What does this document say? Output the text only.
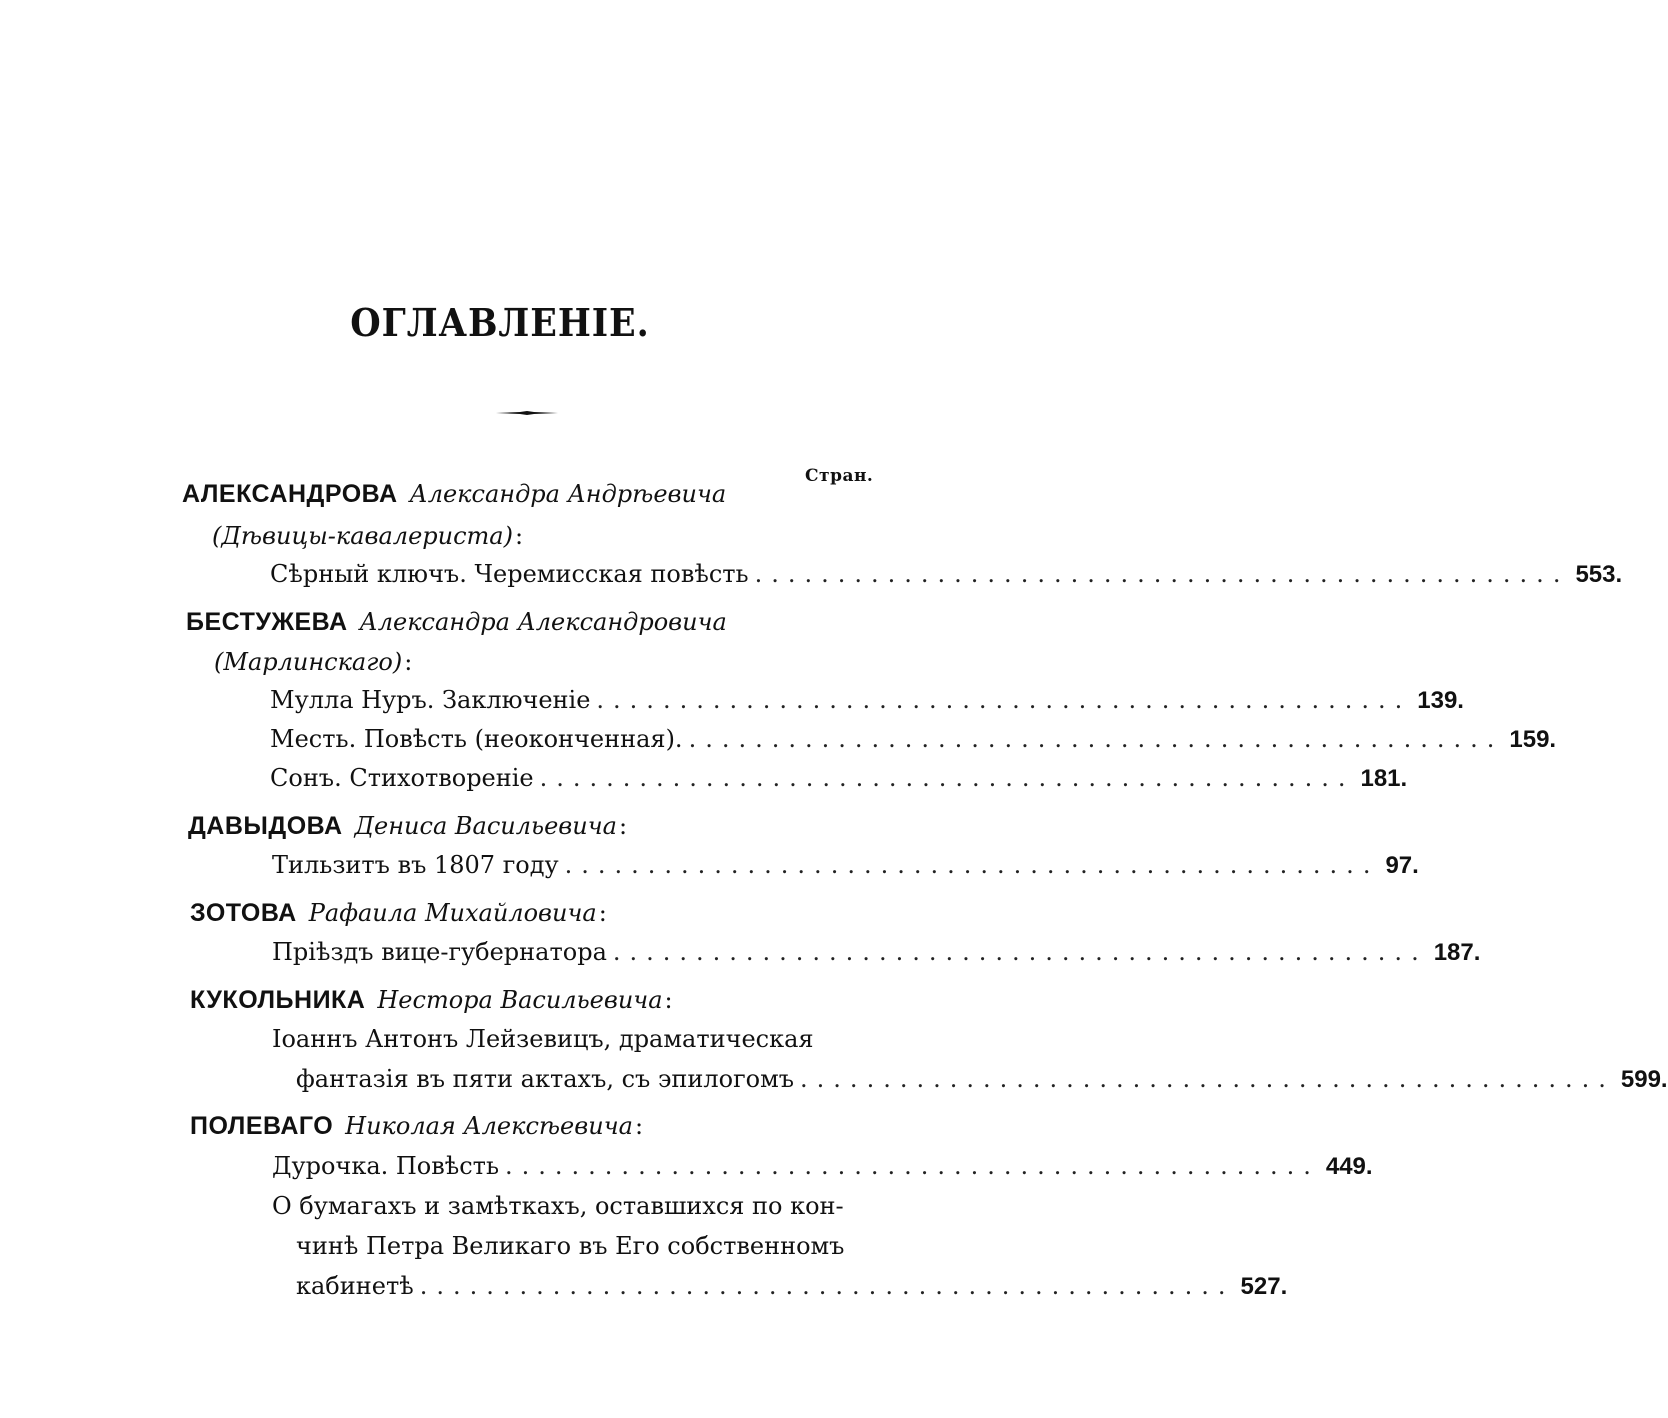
ОГЛАВЛЕНІЕ.
Стран.
АЛЕКСАНДРОВА Александра Андрѣевича
(Дѣвицы-кавалериста) :
Сѣрный ключъ. Черемисская повѣсть ................................................. 553.
БЕСТУЖЕВА Александра Александровича
(Марлинскаго) :
Мулла Нуръ. Заключеніе ................................................. 139.
Месть. Повѣсть (неоконченная). ................................................. 159.
Сонъ. Стихотвореніе ................................................. 181.
ДАВЫДОВА Дениса Васильевича :
Тильзитъ въ 1807 году ................................................. 97.
ЗОТОВА Рафаила Михайловича :
Пріѣздъ вице-губернатора ................................................. 187.
КУКОЛЬНИКА Нестора Васильевича :
Іоаннъ Антонъ Лейзевицъ, драматическая
фантазія въ пяти актахъ, съ эпилогомъ ................................................. 599.
ПОЛЕВАГО Николая Алексѣевича :
Дурочка. Повѣсть ................................................. 449.
О бумагахъ и замѣткахъ, оставшихся по кон-
чинѣ Петра Великаго въ Его собственномъ
кабинетѣ ................................................. 527.
